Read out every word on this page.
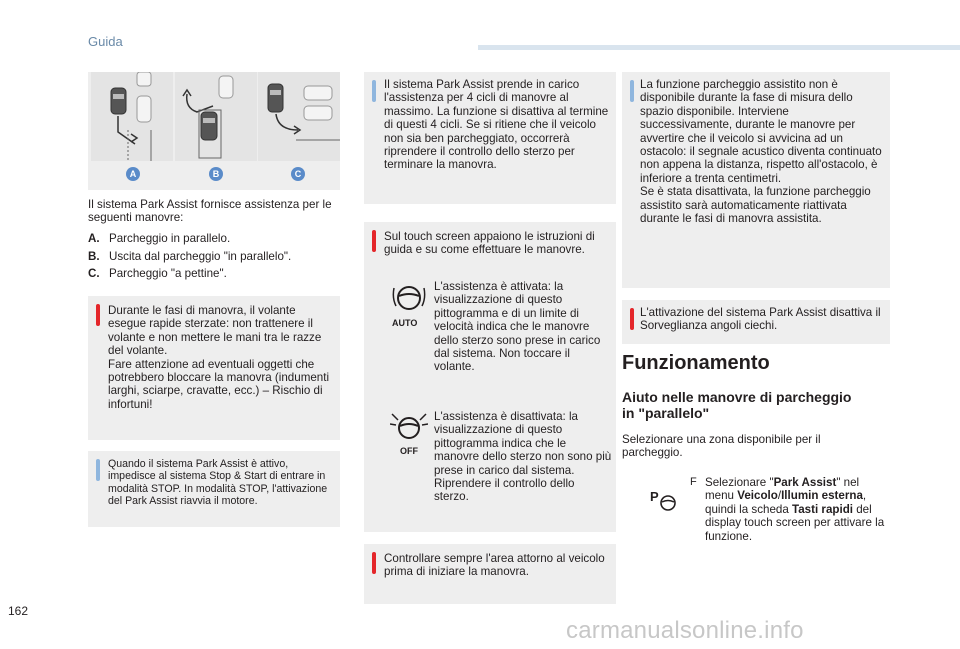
Guida
A	B	C
Il sistema Park Assist fornisce assistenza per le seguenti manovre:
A. Parcheggio in parallelo.
B. Uscita dal parcheggio "in parallelo".
C. Parcheggio "a pettine".
Durante le fasi di manovra, il volante esegue rapide sterzate: non trattenere il volante e non mettere le mani tra le razze del volante.
Fare attenzione ad eventuali oggetti che potrebbero bloccare la manovra (indumenti larghi, sciarpe, cravatte, ecc.) – Rischio di infortuni!
Quando il sistema Park Assist è attivo, impedisce al sistema Stop & Start di entrare in modalità STOP. In modalità STOP, l'attivazione del Park Assist riavvia il motore.
Il sistema Park Assist prende in carico l'assistenza per 4 cicli di manovre al massimo. La funzione si disattiva al termine di questi 4 cicli. Se si ritiene che il veicolo non sia ben parcheggiato, occorrerà riprendere il controllo dello sterzo per terminare la manovra.
Sul touch screen appaiono le istruzioni di guida e su come effettuare le manovre.
AUTO
L'assistenza è attivata: la visualizzazione di questo pittogramma e di un limite di velocità indica che le manovre dello sterzo sono prese in carico dal sistema. Non toccare il volante.
OFF
L'assistenza è disattivata: la visualizzazione di questo pittogramma indica che le manovre dello sterzo non sono più prese in carico dal sistema. Riprendere il controllo dello sterzo.
Controllare sempre l'area attorno al veicolo prima di iniziare la manovra.
La funzione parcheggio assistito non è disponibile durante la fase di misura dello spazio disponibile. Interviene successivamente, durante le manovre per avvertire che il veicolo si avvicina ad un ostacolo: il segnale acustico diventa continuato non appena la distanza, rispetto all'ostacolo, è inferiore a trenta centimetri.
Se è stata disattivata, la funzione parcheggio assistito sarà automaticamente riattivata durante le fasi di manovra assistita.
L'attivazione del sistema Park Assist disattiva il Sorveglianza angoli ciechi.
Funzionamento
Aiuto nelle manovre di parcheggio in "parallelo"
Selezionare una zona disponibile per il parcheggio.
P
F Selezionare "Park Assist" nel menu Veicolo/Illumin esterna, quindi la scheda Tasti rapidi del display touch screen per attivare la funzione.
162
carmanualsonline.info
